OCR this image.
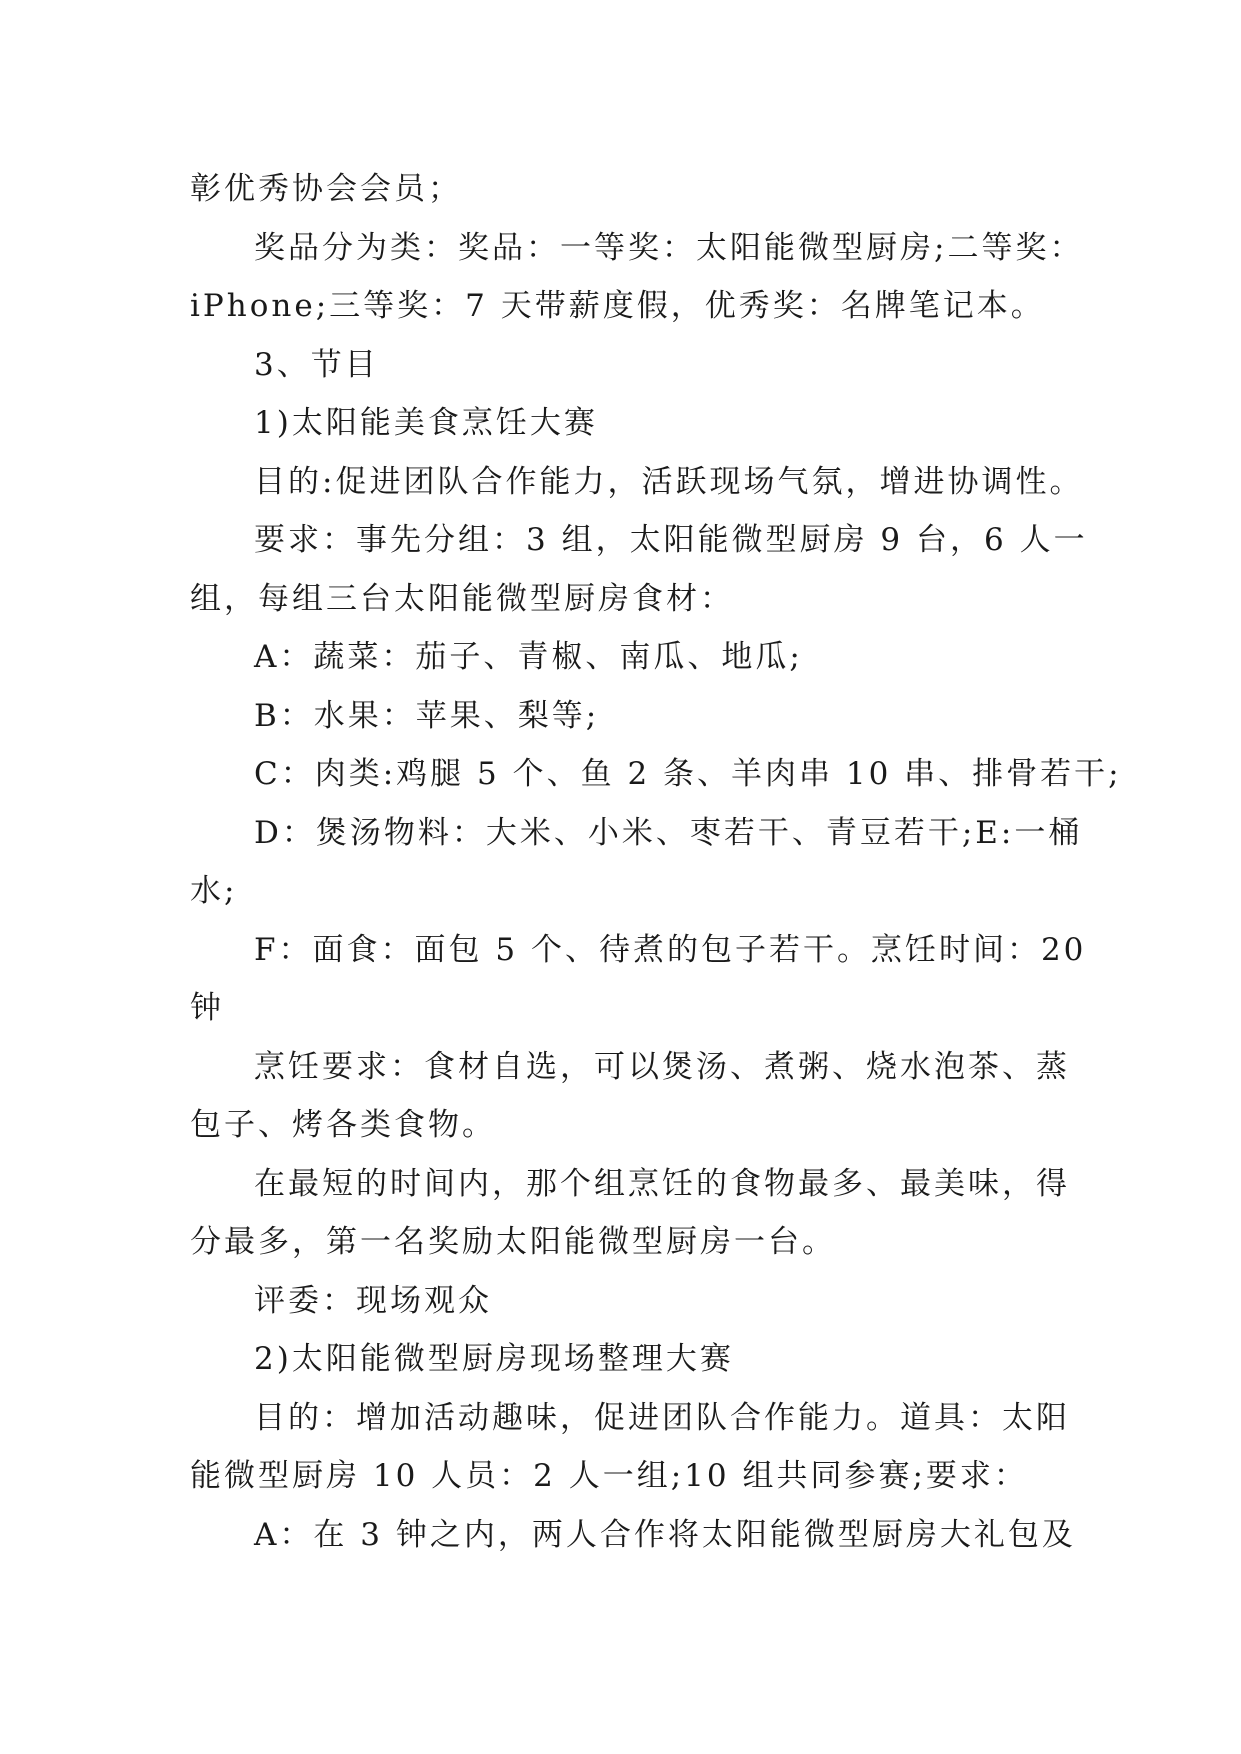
彰优秀协会会员；
奖品分为类：奖品：一等奖：太阳能微型厨房;二等奖：
iPhone;三等奖：7 天带薪度假，优秀奖：名牌笔记本。
3、节目
1)太阳能美食烹饪大赛
目的:促进团队合作能力，活跃现场气氛，增进协调性。
要求：事先分组：3 组，太阳能微型厨房 9 台，6 人一
组，每组三台太阳能微型厨房食材：
A：蔬菜：茄子、青椒、南瓜、地瓜;
B：水果：苹果、梨等;
C：肉类:鸡腿 5 个、鱼 2 条、羊肉串 10 串、排骨若干;
D：煲汤物料：大米、小米、枣若干、青豆若干;E:一桶
水;
F：面食：面包 5 个、待煮的包子若干。烹饪时间：20
钟
烹饪要求：食材自选，可以煲汤、煮粥、烧水泡茶、蒸
包子、烤各类食物。
在最短的时间内，那个组烹饪的食物最多、最美味，得
分最多，第一名奖励太阳能微型厨房一台。
评委：现场观众
2)太阳能微型厨房现场整理大赛
目的：增加活动趣味，促进团队合作能力。道具：太阳
能微型厨房 10 人员：2 人一组;10 组共同参赛;要求：
A：在 3 钟之内，两人合作将太阳能微型厨房大礼包及
